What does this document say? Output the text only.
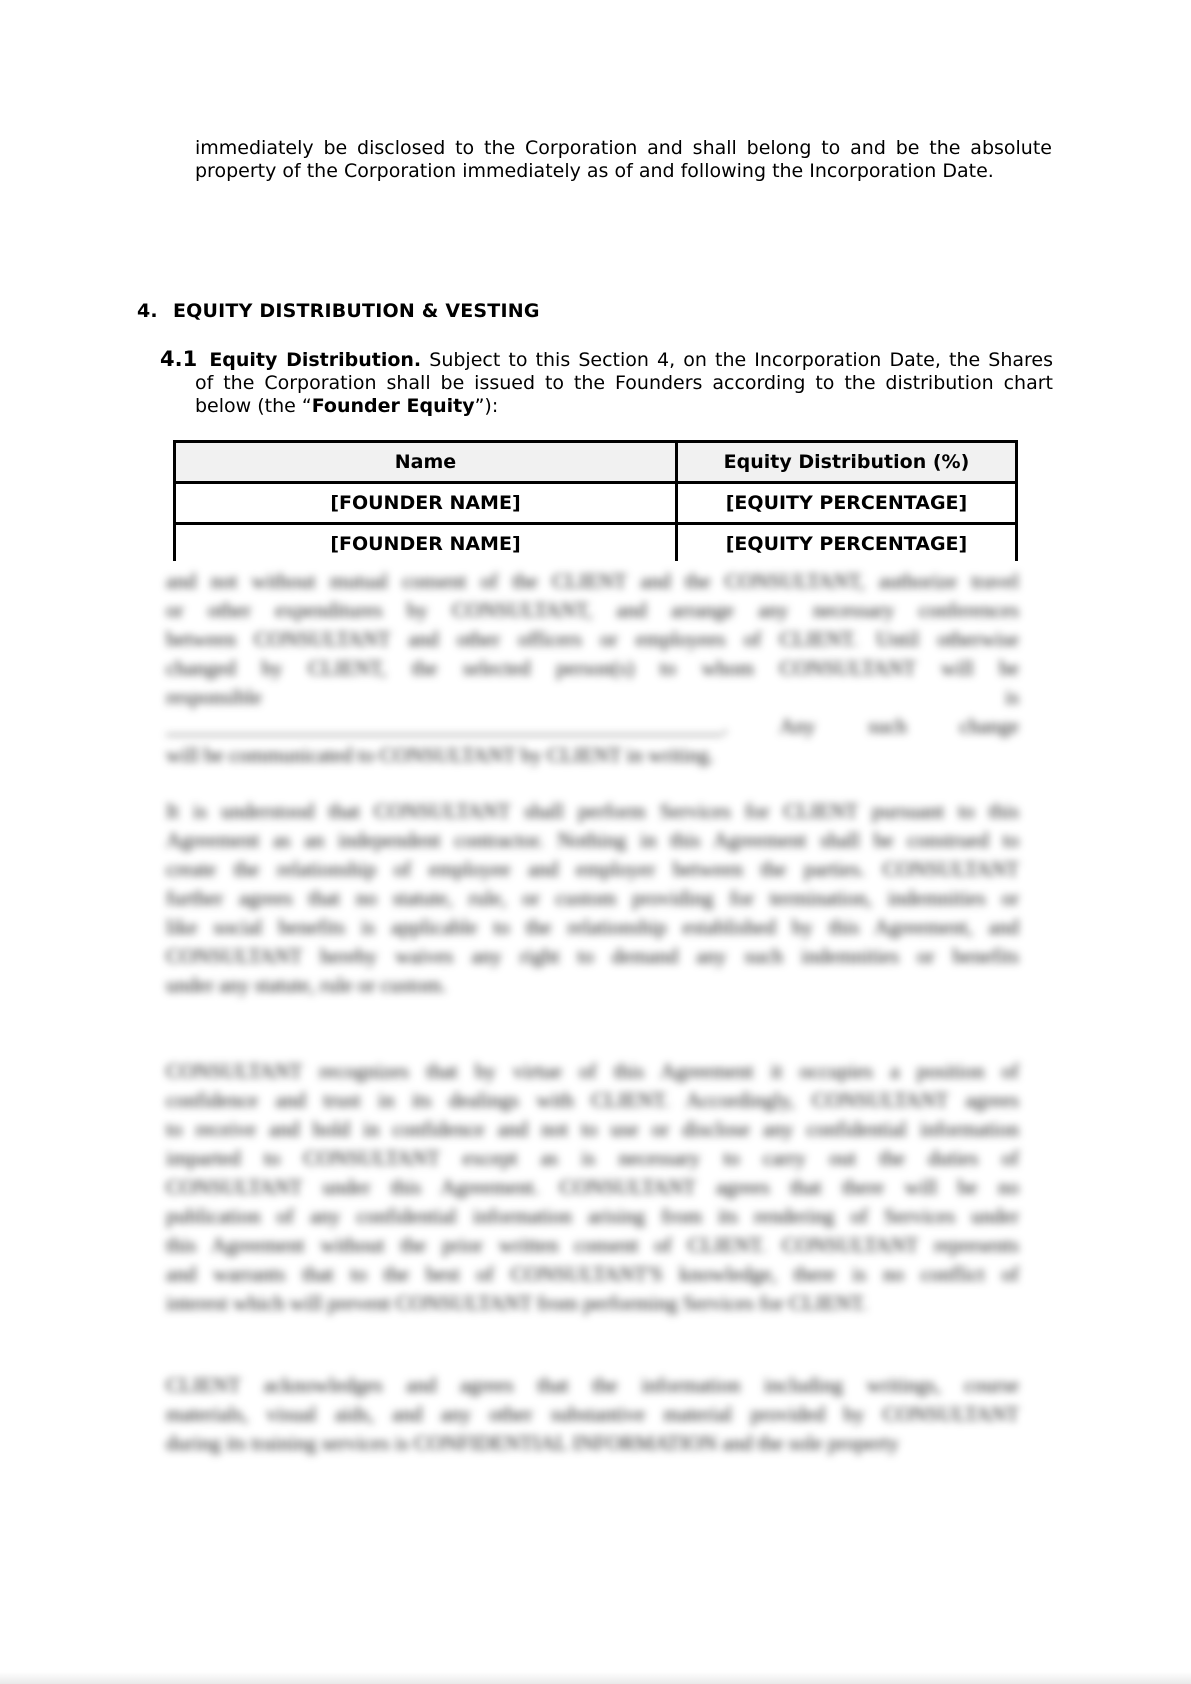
immediately be disclosed to the Corporation and shall belong to and be the absolute
property of the Corporation immediately as of and following the Incorporation Date.
4. EQUITY DISTRIBUTION & VESTING
4.1 Equity Distribution. Subject to this Section 4, on the Incorporation Date, the Shares
of the Corporation shall be issued to the Founders according to the distribution chart
below (the “Founder Equity”):
Name	Equity Distribution (%)
[FOUNDER NAME]	[EQUITY PERCENTAGE]
[FOUNDER NAME]	[EQUITY PERCENTAGE]
and not without mutual consent of the CLIENT and the CONSULTANT, authorize travel
or other expenditures by CONSULTANT, and arrange any necessary conferences
between CONSULTANT and other officers or employees of CLIENT. Until otherwise
changed by CLIENT, the selected person(s) to whom CONSULTANT will be
responsible is
_____________________________________________________. Any such change
will be communicated to CONSULTANT by CLIENT in writing.
It is understood that CONSULTANT shall perform Services for CLIENT pursuant to this
Agreement as an independent contractor. Nothing in this Agreement shall be construed to
create the relationship of employee and employer between the parties. CONSULTANT
further agrees that no statute, rule, or custom providing for termination, indemnities or
like social benefits is applicable to the relationship established by this Agreement, and
CONSULTANT hereby waives any right to demand any such indemnities or benefits
under any statute, rule or custom.
CONSULTANT recognizes that by virtue of this Agreement it occupies a position of
confidence and trust in its dealings with CLIENT. Accordingly, CONSULTANT agrees
to receive and hold in confidence and not to use or disclose any confidential information
imparted to CONSULTANT except as is necessary to carry out the duties of
CONSULTANT under this Agreement. CONSULTANT agrees that there will be no
publication of any confidential information arising from its rendering of Services under
this Agreement without the prior written consent of CLIENT. CONSULTANT represents
and warrants that to the best of CONSULTANT'S knowledge, there is no conflict of
interest which will prevent CONSULTANT from performing Services for CLIENT.
CLIENT acknowledges and agrees that the information including writings, course
materials, visual aids, and any other substantive material provided by CONSULTANT
during its training services is CONFIDENTIAL INFORMATION and the sole property
